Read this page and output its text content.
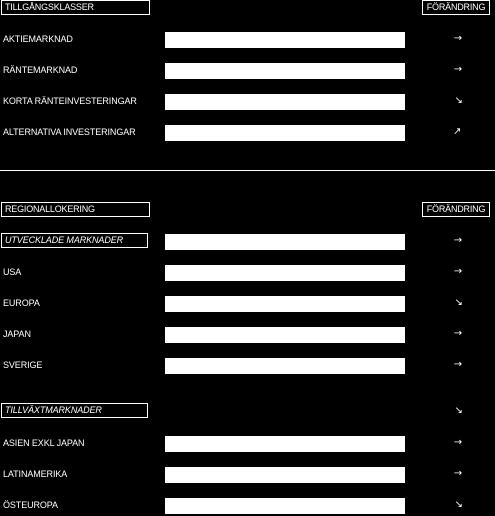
TILLGÅNGSKLASSER	FÖRÄNDRING
AKTIEMARKNAD	→
RÄNTEMARKNAD	→
KORTA RÄNTEINVESTERINGAR	→
ALTERNATIVA INVESTERINGAR	→
REGIONALLOKERING	FÖRÄNDRING
UTVECKLADE MARKNADER	→
USA	→
EUROPA	→
JAPAN	→
SVERIGE	→
TILLVÄXTMARKNADER	→
ASIEN EXKL JAPAN	→
LATINAMERIKA	→
ÖSTEUROPA	→
